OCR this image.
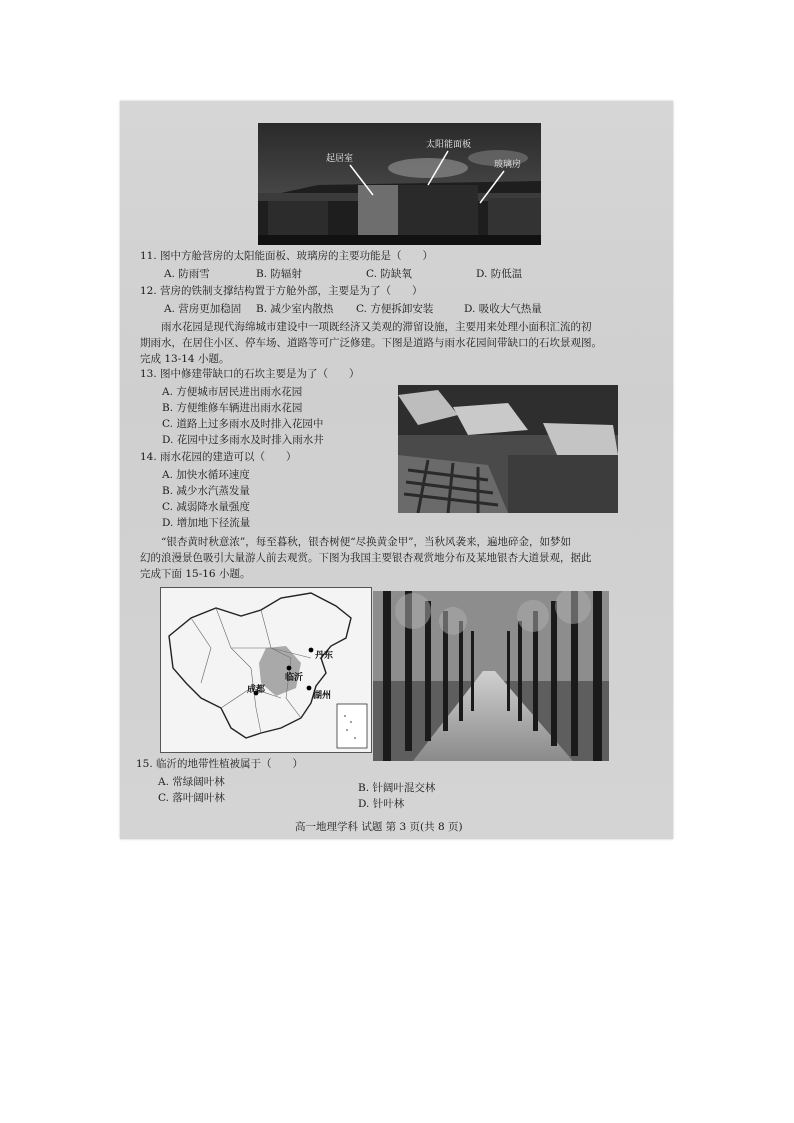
起居室
太阳能面板
玻璃房
11. 图中方舱营房的太阳能面板、玻璃房的主要功能是（　　）
A. 防雨雪	B. 防辐射	C. 防缺氧	D. 防低温
12. 营房的铁制支撑结构置于方舱外部，主要是为了（　　）
A. 营房更加稳固 B. 减少室内散热 C. 方便拆卸安装	D. 吸收大气热量
　　雨水花园是现代海绵城市建设中一项既经济又美观的滞留设施，主要用来处理小面积汇流的初
期雨水，在居住小区、停车场、道路等可广泛修建。下图是道路与雨水花园间带缺口的石坎景观图。
完成 13-14 小题。
13. 图中修建带缺口的石坎主要是为了（　　）
A. 方便城市居民进出雨水花园
B. 方便维修车辆进出雨水花园
C. 道路上过多雨水及时排入花园中
D. 花园中过多雨水及时排入雨水井
14. 雨水花园的建造可以（　　）
A. 加快水循环速度
B. 减少水汽蒸发量
C. 减弱降水量强度
D. 增加地下径流量
　　“银杏黄时秋意浓”，每至暮秋，银杏树便“尽换黄金甲”，当秋风袭来，遍地碎金，如梦如
幻的浪漫景色吸引大量游人前去观赏。下图为我国主要银杏观赏地分布及某地银杏大道景观，据此
完成下面 15-16 小题。
丹东
临沂
成都
湖州
15. 临沂的地带性植被属于（　　）
A. 常绿阔叶林	B. 针阔叶混交林
C. 落叶阔叶林	D. 针叶林
高一地理学科 试题 第 3 页(共 8 页)
